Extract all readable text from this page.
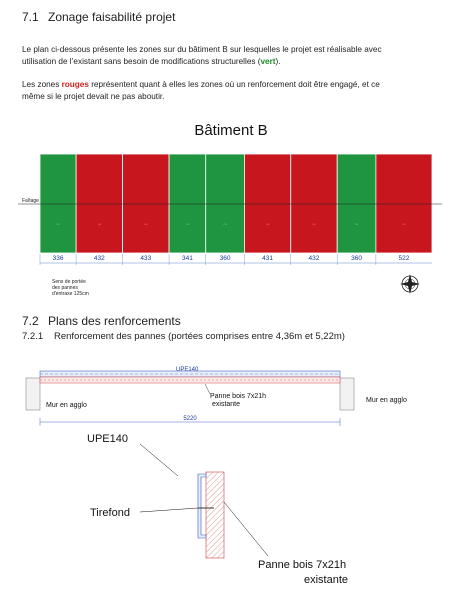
7.1 Zonage faisabilité projet
Le plan ci-dessous présente les zones sur du bâtiment B sur lesquelles le projet est réalisable avec
utilisation de l’existant sans besoin de modifications structurelles (vert).
Les zones rouges représentent quant à elles les zones où un renforcement doit être engagé, et ce
même si le projet devait ne pas aboutir.
Bâtiment B
~	~	~	~	~	~	~	~	~
Faîtage
336	432	433	341	360	431	432	360	522
Sens de portée
des pannes
d'entraxe 125cm
7.2 Plans des renforcements
7.2.1 Renforcement des pannes (portées comprises entre 4,36m et 5,22m)
UPE140
Mur en agglo
Mur en agglo
Panne bois 7x21h
existante
5220
UPE140
Tirefond
Panne bois 7x21h
existante
